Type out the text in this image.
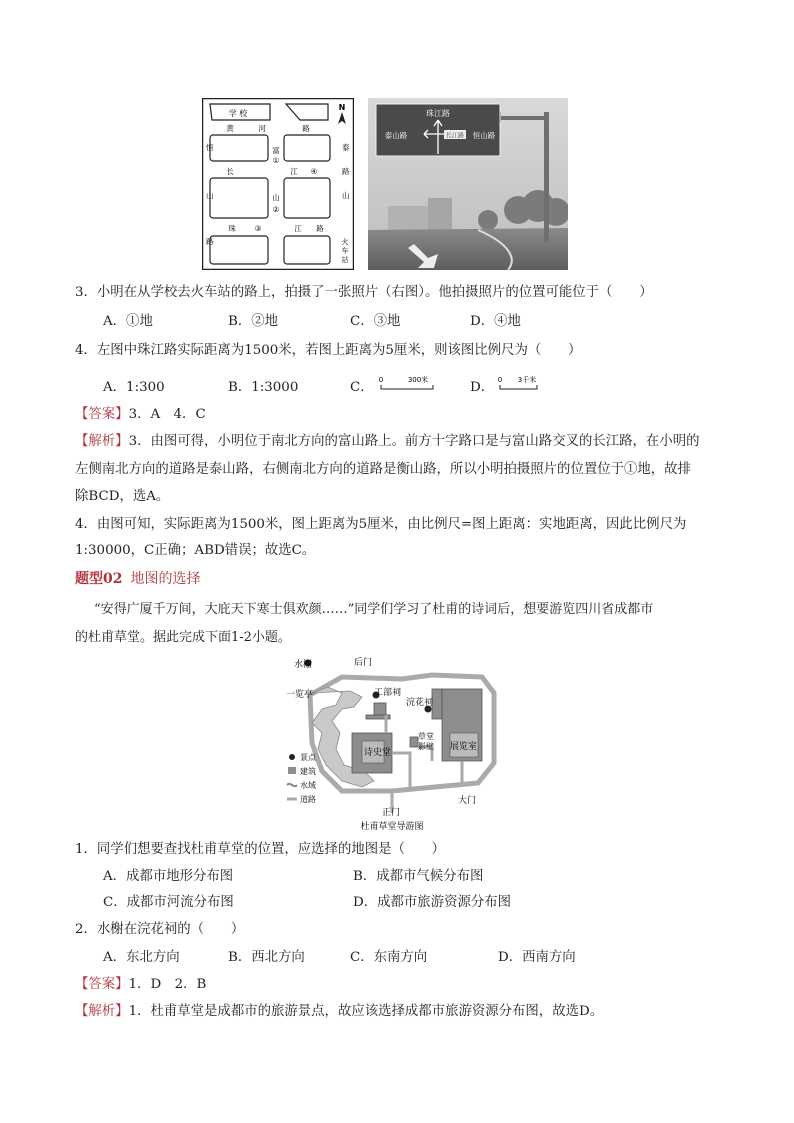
学 校
N
黄	河	路
富
①
恒
山
路
泰
山
路
长	江 ④
山
②
珠	③	江 路
火
车
站
珠江路
泰山路	长江路 恒山路
3．小明在从学校去火车站的路上，拍摄了一张照片（右图）。他拍摄照片的位置可能位于（　　）
A．①地	B．②地	C．③地	D．④地
4．左图中珠江路实际距离为1500米，若图上距离为5厘米，则该图比例尺为（　　）
A．1:300	B．1:3000	C． 0	300米	D． 0 3千米
【答案】3．A　4．C
【解析】3．由图可得，小明位于南北方向的富山路上。前方十字路口是与富山路交叉的长江路，在小明的
左侧南北方向的道路是泰山路，右侧南北方向的道路是衡山路，所以小明拍摄照片的位置位于①地，故排
除BCD，选A。
4．由图可知，实际距离为1500米，图上距离为5厘米，由比例尺=图上距离：实地距离，因此比例尺为
1:30000，C正确；ABD错误；故选C。
题型02 地图的选择
“安得广厦千万间，大庇天下寒士俱欢颜……”同学们学习了杜甫的诗词后，想要游览四川省成都市
的杜甫草堂。据此完成下面1-2小题。
水榭	后门
一览亭	工部祠
浣花祠
草堂
影壁
诗史堂
展览室
大门
正门
杜甫草堂导游图
景点
建筑
水域
道路
1．同学们想要查找杜甫草堂的位置，应选择的地图是（　　）
A．成都市地形分布图	B．成都市气候分布图
C．成都市河流分布图	D．成都市旅游资源分布图
2．水榭在浣花祠的（　　）
A．东北方向	B．西北方向	C．东南方向	D．西南方向
【答案】1．D　2．B
【解析】1．杜甫草堂是成都市的旅游景点，故应该选择成都市旅游资源分布图，故选D。
